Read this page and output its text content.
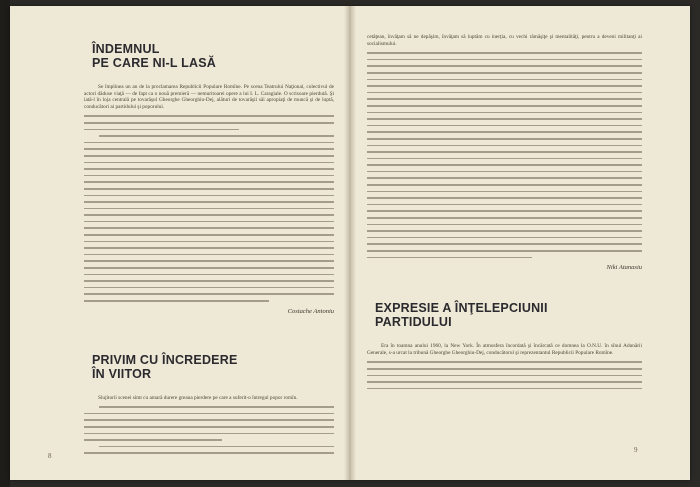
ÎNDEMNUL
PE CARE NI-L LASĂ

Se împlinea un an de la proclamarea Republicii Populare Romîne. Pe scena Teatrului Naţional, colectivul de actori dăduse viaţă — de fapt ca o nouă premieră — nemuritoarei opere a lui I. L. Caragiale. O scrisoare pierdută. Şi iată-l în loja centrală pe tovarăşul Gheorghe Gheorghiu-Dej, alături de tovarăşii săi apropiaţi de muncă şi de luptă, conducători ai partidului şi poporului.

Costache Antoniu
PRIVIM CU ÎNCREDERE
ÎN VIITOR

Slujitorii scenei simt cu amară durere greaua pierdere pe care a suferit-o întregul popor romîn.

8

cetăţean, învăţam să ne depăşim, învăţam să luptăm cu inerţia, cu vechi rămăşiţe şi mentalităţi, pentru a deveni militanţi ai socialismului.

Niki Atanasiu
EXPRESIE A ÎNŢELEPCIUNII
PARTIDULUI

Era în toamna anului 1960, la New York. În atmosfera încordată şi încărcată ce domnea la O.N.U. în sînul Adunării Generale, s-a urcat la tribună Gheorghe Gheorghiu-Dej, conducătorul şi reprezentantul Republicii Populare Romîne.

9
